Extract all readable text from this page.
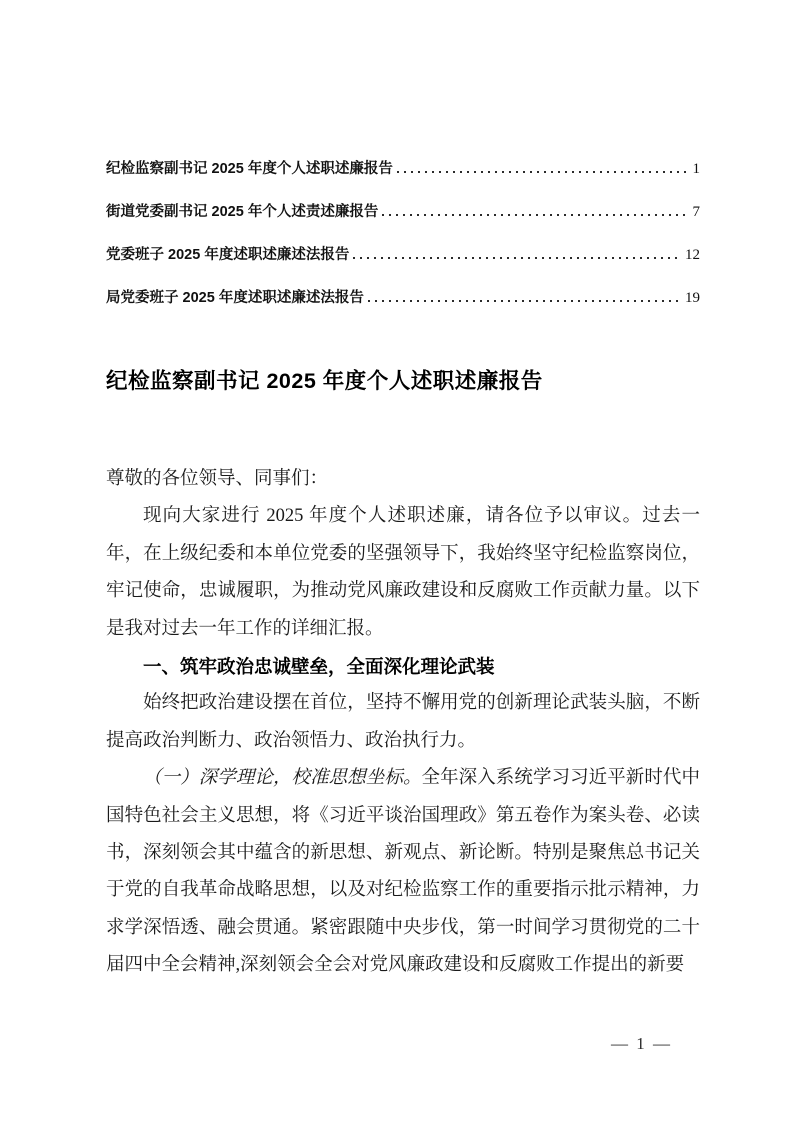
纪检监察副书记 2025 年度个人述职述廉报告	1
街道党委副书记 2025 年个人述责述廉报告	7
党委班子 2025 年度述职述廉述法报告	12
局党委班子 2025 年度述职述廉述法报告	19
纪检监察副书记 2025 年度个人述职述廉报告

尊敬的各位领导、同事们：

现向大家进行 2025 年度个人述职述廉，请各位予以审议。过去一年，在上级纪委和本单位党委的坚强领导下，我始终坚守纪检监察岗位，牢记使命，忠诚履职，为推动党风廉政建设和反腐败工作贡献力量。以下是我对过去一年工作的详细汇报。

一、筑牢政治忠诚壁垒，全面深化理论武装

始终把政治建设摆在首位，坚持不懈用党的创新理论武装头脑，不断提高政治判断力、政治领悟力、政治执行力。

（一）深学理论，校准思想坐标。全年深入系统学习习近平新时代中国特色社会主义思想，将《习近平谈治国理政》第五卷作为案头卷、必读书，深刻领会其中蕴含的新思想、新观点、新论断。特别是聚焦总书记关于党的自我革命战略思想，以及对纪检监察工作的重要指示批示精神，力求学深悟透、融会贯通。紧密跟随中央步伐，第一时间学习贯彻党的二十届四中全会精神,深刻领会全会对党风廉政建设和反腐败工作提出的新要

— 1 —
